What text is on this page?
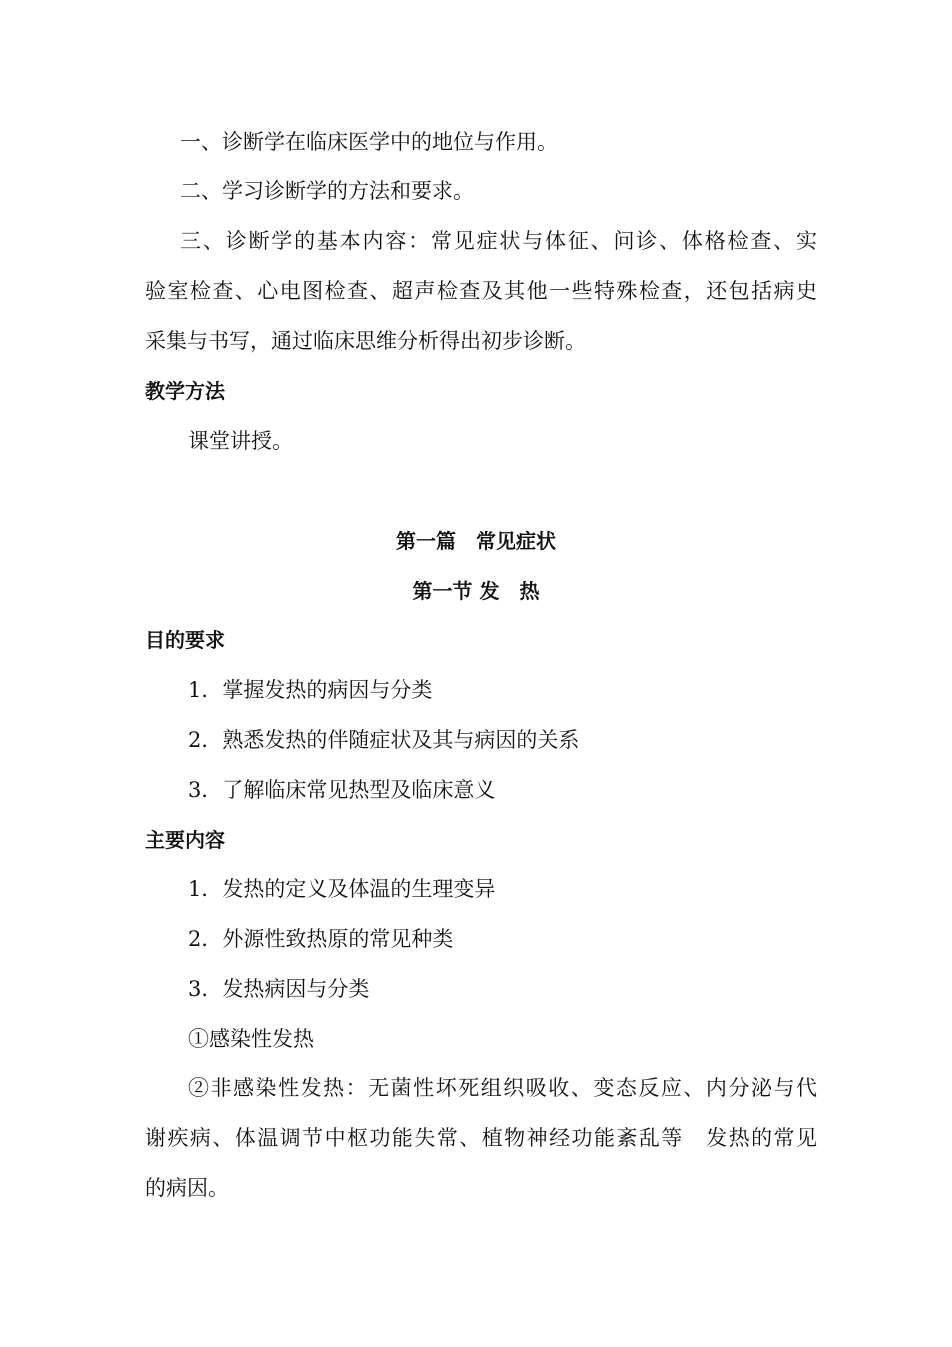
一、诊断学在临床医学中的地位与作用。
二、学习诊断学的方法和要求。
三、诊断学的基本内容：常见症状与体征、问诊、体格检查、实
验室检查、心电图检查、超声检查及其他一些特殊检查，还包括病史
采集与书写，通过临床思维分析得出初步诊断。
教学方法
课堂讲授。
第一篇　常见症状
第一节 发　热
目的要求
1．掌握发热的病因与分类
2．熟悉发热的伴随症状及其与病因的关系
3．了解临床常见热型及临床意义
主要内容
1．发热的定义及体温的生理变异
2．外源性致热原的常见种类
3．发热病因与分类
①感染性发热
②非感染性发热：无菌性坏死组织吸收、变态反应、内分泌与代
谢疾病、体温调节中枢功能失常、植物神经功能紊乱等　发热的常见
的病因。
